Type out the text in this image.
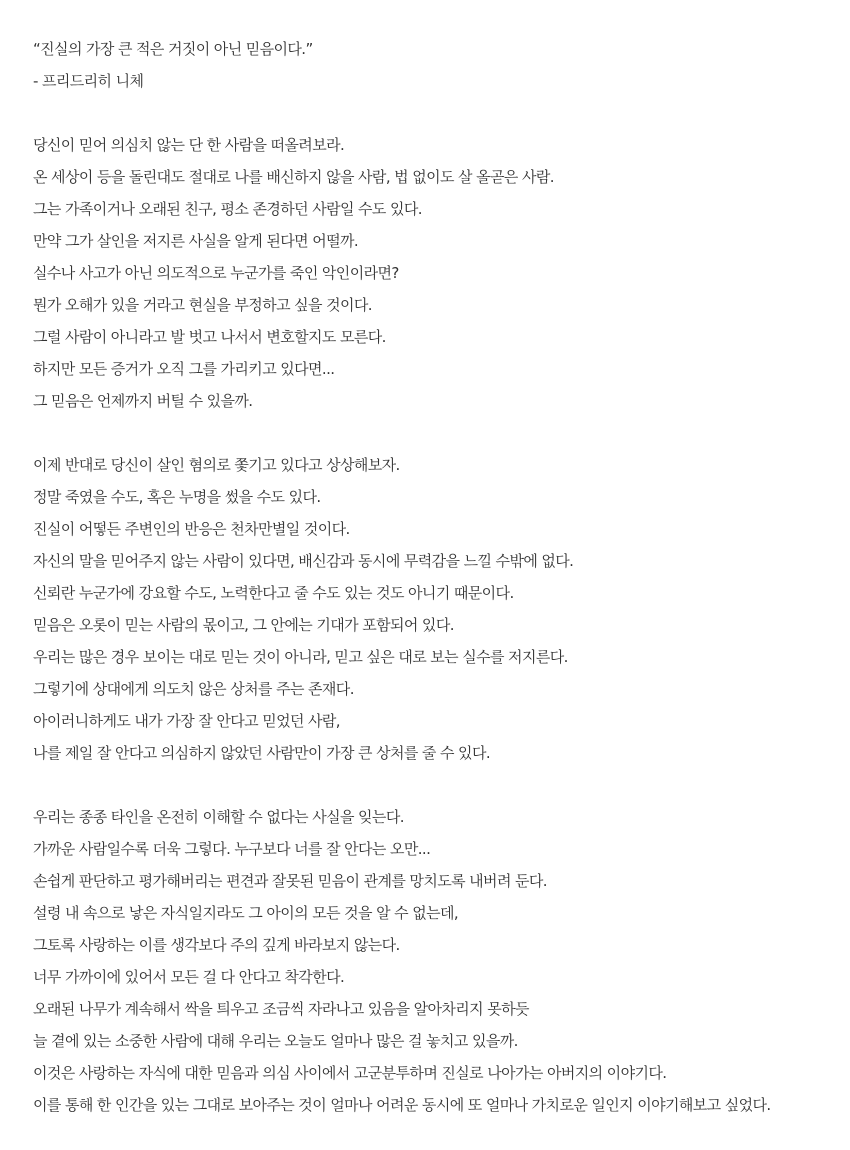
“진실의 가장 큰 적은 거짓이 아닌 믿음이다.”
- 프리드리히 니체
당신이 믿어 의심치 않는 단 한 사람을 떠올려보라.
온 세상이 등을 돌린대도 절대로 나를 배신하지 않을 사람, 법 없이도 살 올곧은 사람.
그는 가족이거나 오래된 친구, 평소 존경하던 사람일 수도 있다.
만약 그가 살인을 저지른 사실을 알게 된다면 어떨까.
실수나 사고가 아닌 의도적으로 누군가를 죽인 악인이라면?
뭔가 오해가 있을 거라고 현실을 부정하고 싶을 것이다.
그럴 사람이 아니라고 발 벗고 나서서 변호할지도 모른다.
하지만 모든 증거가 오직 그를 가리키고 있다면...
그 믿음은 언제까지 버틸 수 있을까.
이제 반대로 당신이 살인 혐의로 쫓기고 있다고 상상해보자.
정말 죽였을 수도, 혹은 누명을 썼을 수도 있다.
진실이 어떻든 주변인의 반응은 천차만별일 것이다.
자신의 말을 믿어주지 않는 사람이 있다면, 배신감과 동시에 무력감을 느낄 수밖에 없다.
신뢰란 누군가에 강요할 수도, 노력한다고 줄 수도 있는 것도 아니기 때문이다.
믿음은 오롯이 믿는 사람의 몫이고, 그 안에는 기대가 포함되어 있다.
우리는 많은 경우 보이는 대로 믿는 것이 아니라, 믿고 싶은 대로 보는 실수를 저지른다.
그렇기에 상대에게 의도치 않은 상처를 주는 존재다.
아이러니하게도 내가 가장 잘 안다고 믿었던 사람,
나를 제일 잘 안다고 의심하지 않았던 사람만이 가장 큰 상처를 줄 수 있다.
우리는 종종 타인을 온전히 이해할 수 없다는 사실을 잊는다.
가까운 사람일수록 더욱 그렇다. 누구보다 너를 잘 안다는 오만...
손쉽게 판단하고 평가해버리는 편견과 잘못된 믿음이 관계를 망치도록 내버려 둔다.
설령 내 속으로 낳은 자식일지라도 그 아이의 모든 것을 알 수 없는데,
그토록 사랑하는 이를 생각보다 주의 깊게 바라보지 않는다.
너무 가까이에 있어서 모든 걸 다 안다고 착각한다.
오래된 나무가 계속해서 싹을 틔우고 조금씩 자라나고 있음을 알아차리지 못하듯
늘 곁에 있는 소중한 사람에 대해 우리는 오늘도 얼마나 많은 걸 놓치고 있을까.
이것은 사랑하는 자식에 대한 믿음과 의심 사이에서 고군분투하며 진실로 나아가는 아버지의 이야기다.
이를 통해 한 인간을 있는 그대로 보아주는 것이 얼마나 어려운 동시에 또 얼마나 가치로운 일인지 이야기해보고 싶었다.
